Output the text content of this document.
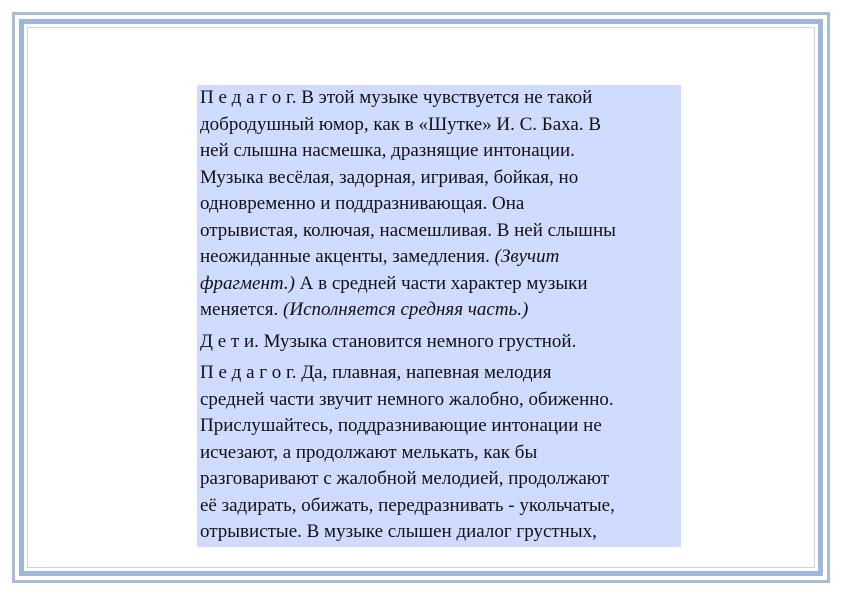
П е д а г о г. В этой музыке чувствуется не такой
добродушный юмор, как в «Шутке» И. С. Баха. В
ней слышна насмешка, дразнящие интонации.
Музыка весёлая, задорная, игривая, бойкая, но
одновременно и поддразнивающая. Она
отрывистая, колючая, насмешливая. В ней слышны
неожиданные акценты, замедления. (Звучит
фрагмент.) А в средней части характер музыки
меняется. (Исполняется средняя часть.)

Д е т и. Музыка становится немного грустной.

П е д а г о г. Да, плавная, напевная мелодия
средней части звучит немного жалобно, обиженно.
Прислушайтесь, поддразнивающие интонации не
исчезают, а продолжают мелькать, как бы
разговаривают с жалобной мелодией, продолжают
её задирать, обижать, передразнивать - укольчатые,
отрывистые. В музыке слышен диалог грустных,
